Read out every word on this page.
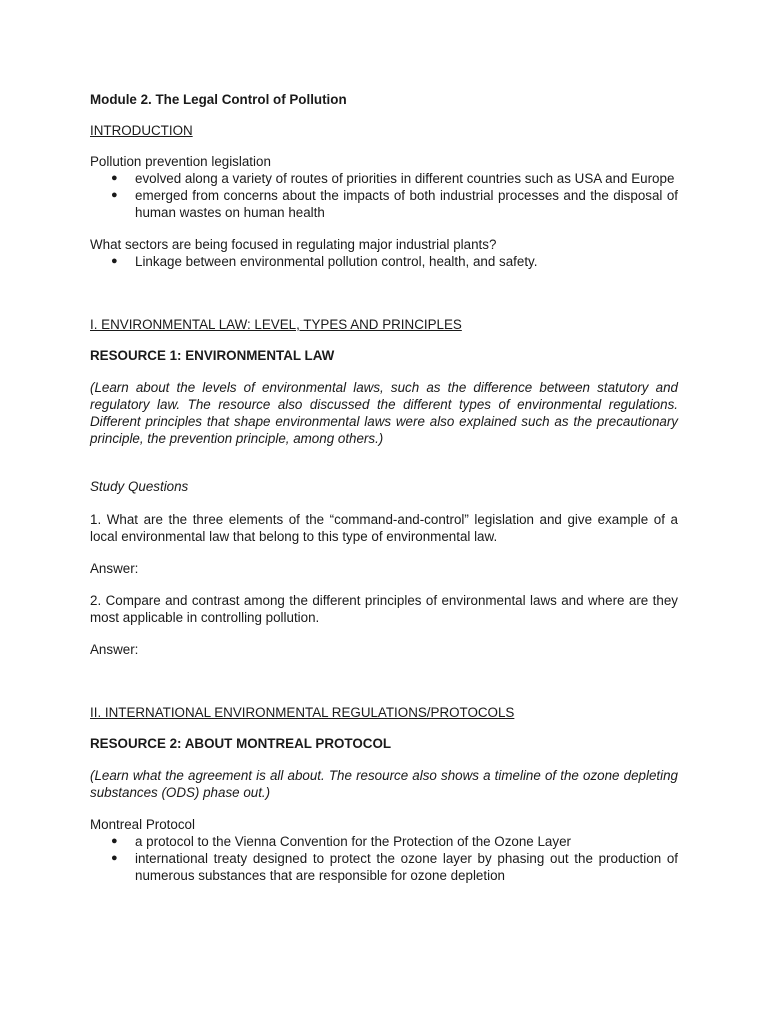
Module 2. The Legal Control of Pollution

INTRODUCTION

Pollution prevention legislation

● evolved along a variety of routes of priorities in different countries such as USA and Europe
● emerged from concerns about the impacts of both industrial processes and the disposal of human wastes on human health

What sectors are being focused in regulating major industrial plants?

● Linkage between environmental pollution control, health, and safety.

I. ENVIRONMENTAL LAW: LEVEL, TYPES AND PRINCIPLES

RESOURCE 1: ENVIRONMENTAL LAW

(Learn about the levels of environmental laws, such as the difference between statutory and regulatory law. The resource also discussed the different types of environmental regulations. Different principles that shape environmental laws were also explained such as the precautionary principle, the prevention principle, among others.)

Study Questions

1. What are the three elements of the “command-and-control” legislation and give example of a local environmental law that belong to this type of environmental law.

Answer:

2. Compare and contrast among the different principles of environmental laws and where are they most applicable in controlling pollution.

Answer:

II. INTERNATIONAL ENVIRONMENTAL REGULATIONS/PROTOCOLS

RESOURCE 2: ABOUT MONTREAL PROTOCOL

(Learn what the agreement is all about. The resource also shows a timeline of the ozone depleting substances (ODS) phase out.)

Montreal Protocol

● a protocol to the Vienna Convention for the Protection of the Ozone Layer
● international treaty designed to protect the ozone layer by phasing out the production of numerous substances that are responsible for ozone depletion
